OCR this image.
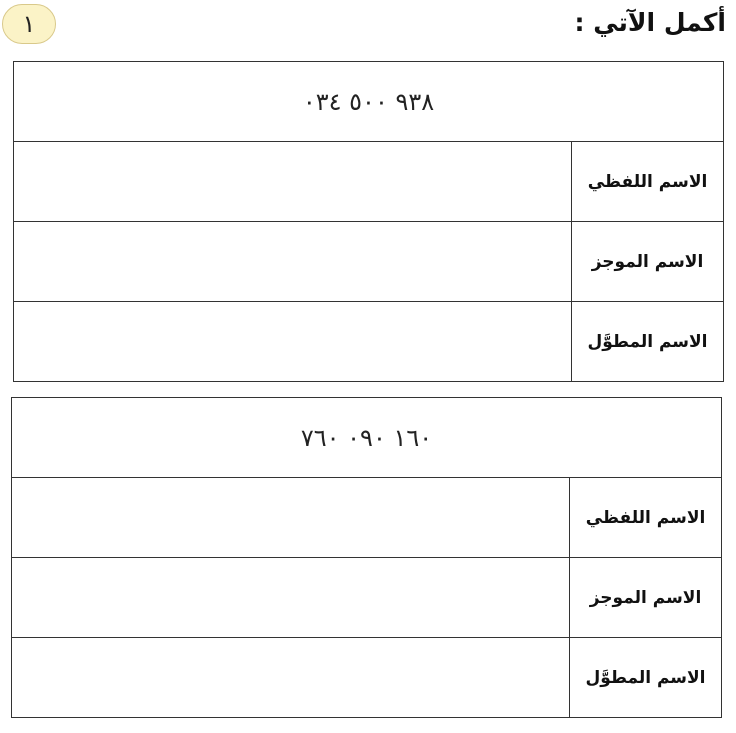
١	أكمل الآتي :
٩٣٨ ٥٠٠ ٠٣٤
الاسم اللفظي
الاسم الموجز
الاسم المطوَّل
١٦٠ ٠٩٠ ٧٦٠
الاسم اللفظي
الاسم الموجز
الاسم المطوَّل
